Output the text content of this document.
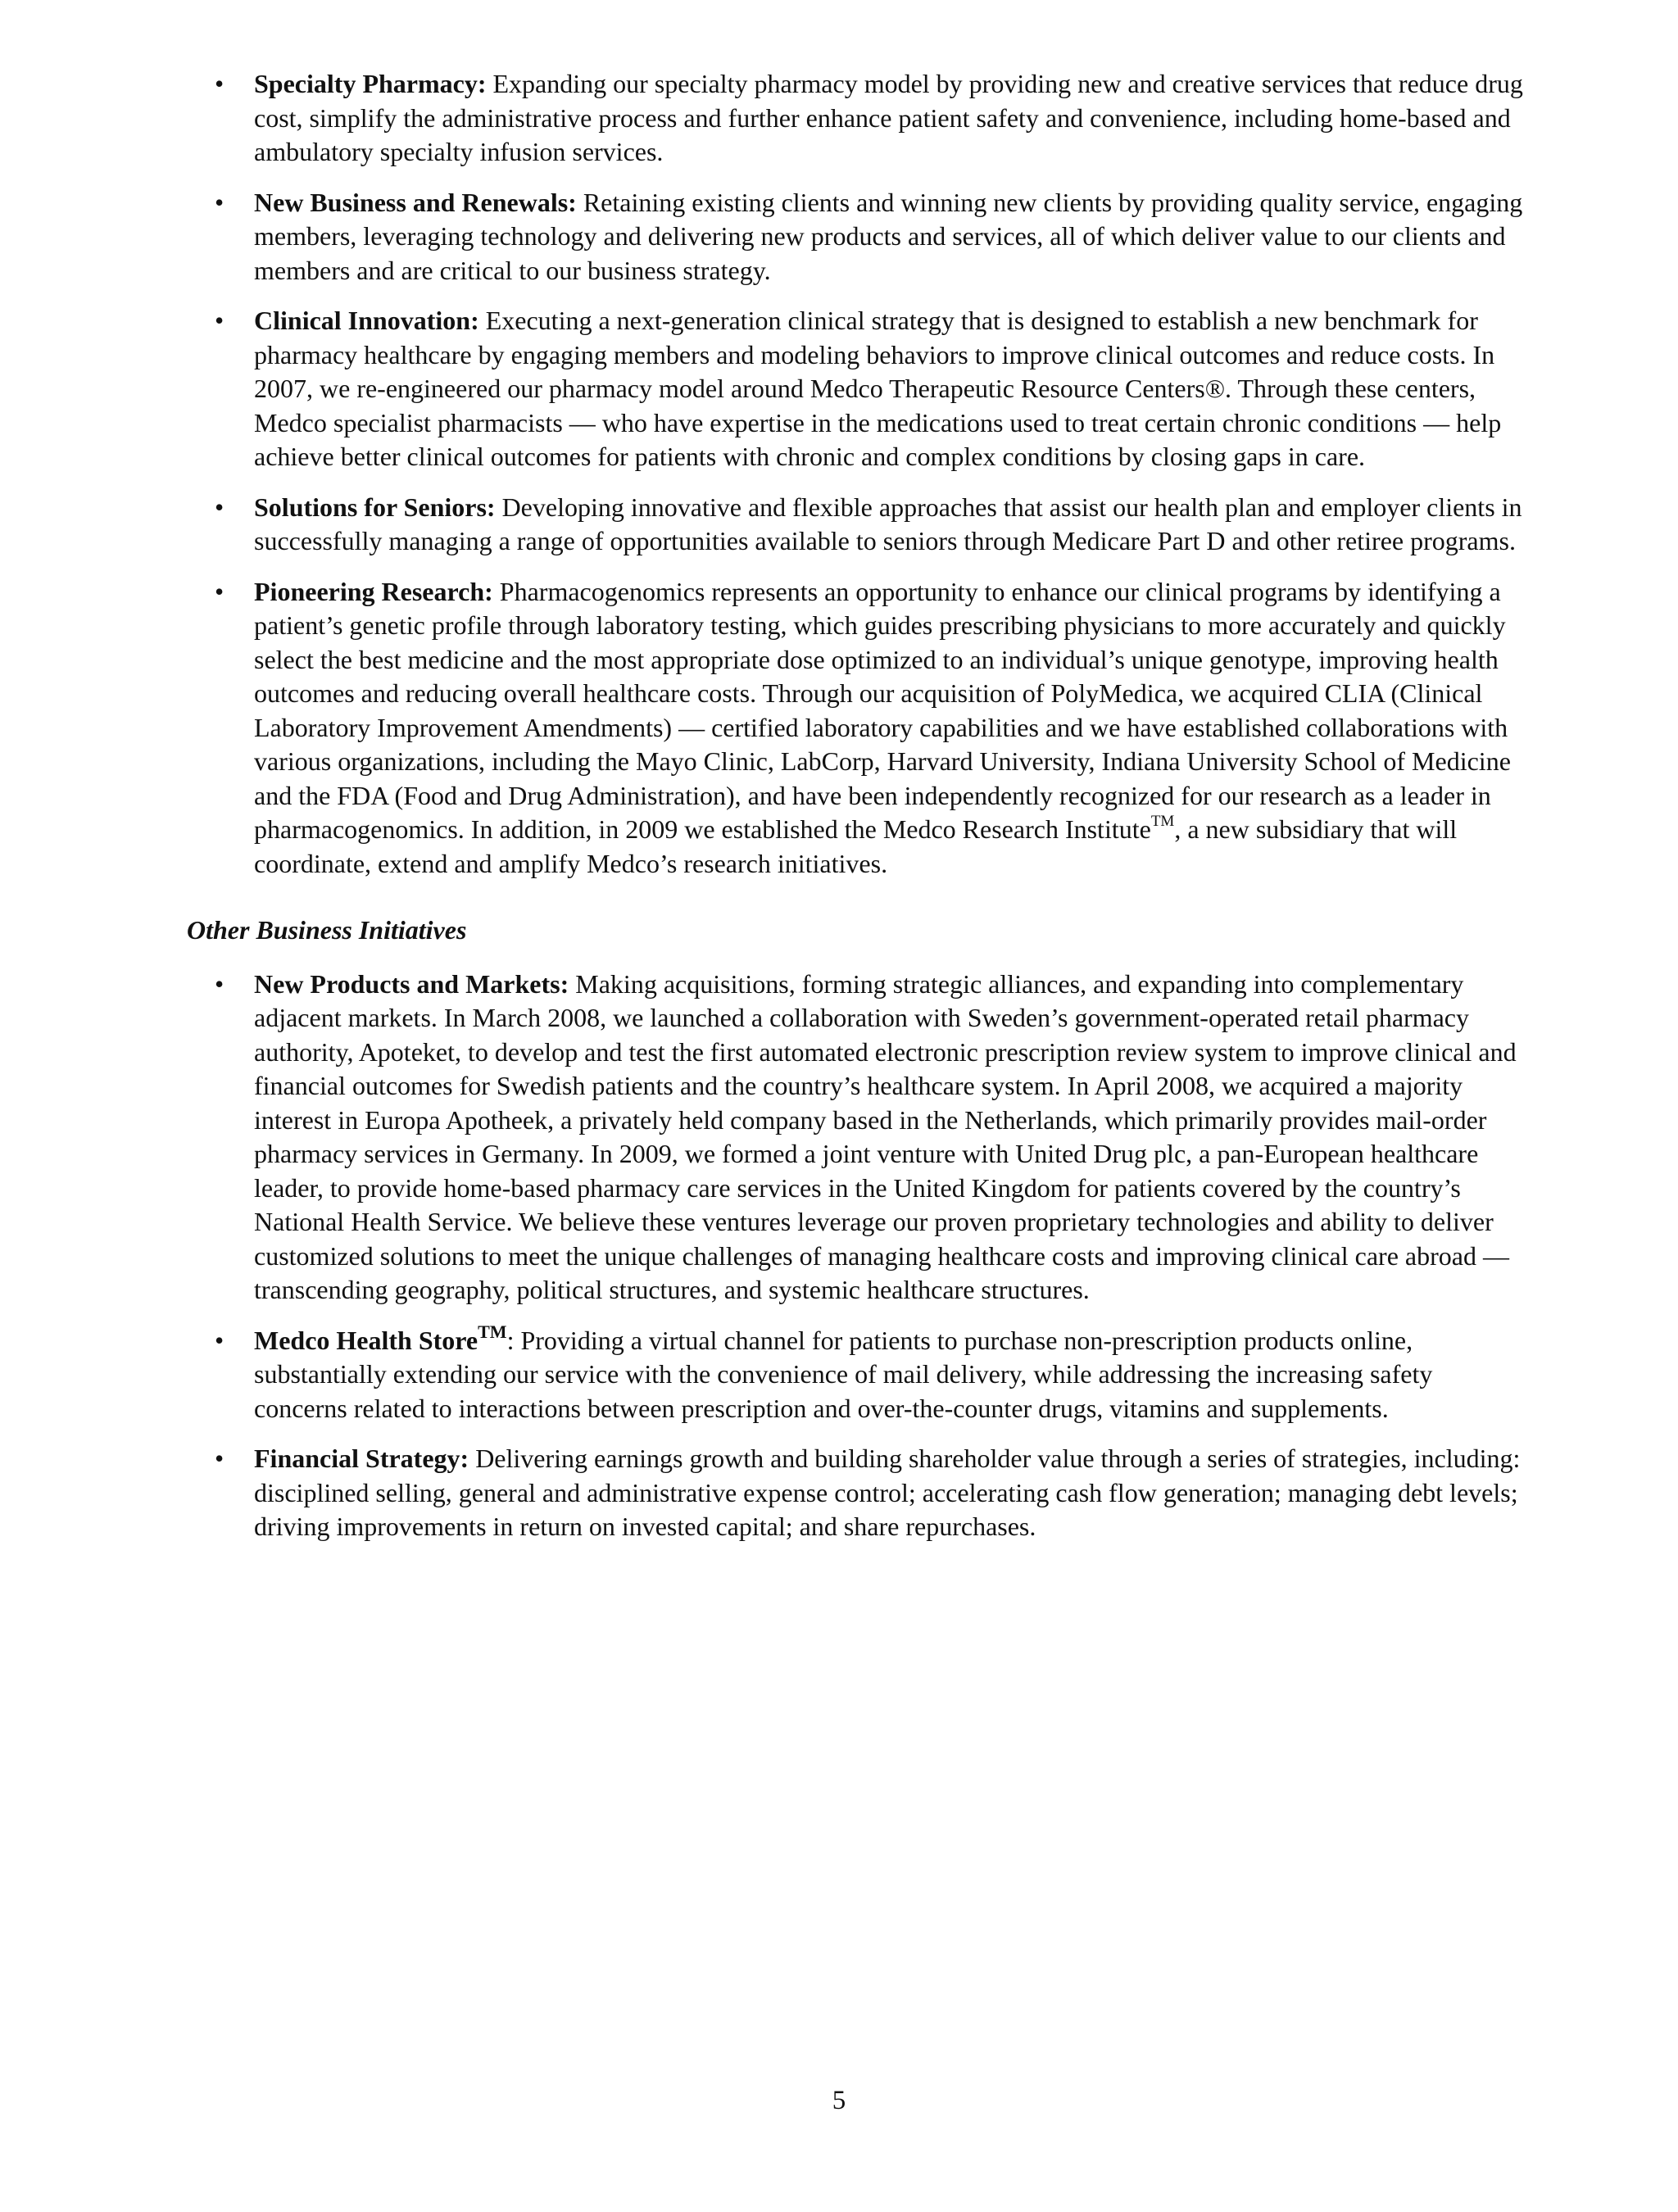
• Specialty Pharmacy: Expanding our specialty pharmacy model by providing new and creative services that reduce drug cost, simplify the administrative process and further enhance patient safety and convenience, including home-based and ambulatory specialty infusion services.
• New Business and Renewals: Retaining existing clients and winning new clients by providing quality service, engaging members, leveraging technology and delivering new products and services, all of which deliver value to our clients and members and are critical to our business strategy.
• Clinical Innovation: Executing a next-generation clinical strategy that is designed to establish a new benchmark for pharmacy healthcare by engaging members and modeling behaviors to improve clinical outcomes and reduce costs. In 2007, we re-engineered our pharmacy model around Medco Therapeutic Resource Centers®. Through these centers, Medco specialist pharmacists — who have expertise in the medications used to treat certain chronic conditions — help achieve better clinical outcomes for patients with chronic and complex conditions by closing gaps in care.
• Solutions for Seniors: Developing innovative and flexible approaches that assist our health plan and employer clients in successfully managing a range of opportunities available to seniors through Medicare Part D and other retiree programs.
• Pioneering Research: Pharmacogenomics represents an opportunity to enhance our clinical programs by identifying a patient’s genetic profile through laboratory testing, which guides prescribing physicians to more accurately and quickly select the best medicine and the most appropriate dose optimized to an individual’s unique genotype, improving health outcomes and reducing overall healthcare costs. Through our acquisition of PolyMedica, we acquired CLIA (Clinical Laboratory Improvement Amendments) — certified laboratory capabilities and we have established collaborations with various organizations, including the Mayo Clinic, LabCorp, Harvard University, Indiana University School of Medicine and the FDA (Food and Drug Administration), and have been independently recognized for our research as a leader in pharmacogenomics. In addition, in 2009 we established the Medco Research Institute™, a new subsidiary that will coordinate, extend and amplify Medco’s research initiatives.
Other Business Initiatives
• New Products and Markets: Making acquisitions, forming strategic alliances, and expanding into complementary adjacent markets. In March 2008, we launched a collaboration with Sweden’s government-operated retail pharmacy authority, Apoteket, to develop and test the first automated electronic prescription review system to improve clinical and financial outcomes for Swedish patients and the country’s healthcare system. In April 2008, we acquired a majority interest in Europa Apotheek, a privately held company based in the Netherlands, which primarily provides mail-order pharmacy services in Germany. In 2009, we formed a joint venture with United Drug plc, a pan-European healthcare leader, to provide home-based pharmacy care services in the United Kingdom for patients covered by the country’s National Health Service. We believe these ventures leverage our proven proprietary technologies and ability to deliver customized solutions to meet the unique challenges of managing healthcare costs and improving clinical care abroad — transcending geography, political structures, and systemic healthcare structures.
• Medco Health Store™: Providing a virtual channel for patients to purchase non-prescription products online, substantially extending our service with the convenience of mail delivery, while addressing the increasing safety concerns related to interactions between prescription and over-the-counter drugs, vitamins and supplements.
• Financial Strategy: Delivering earnings growth and building shareholder value through a series of strategies, including: disciplined selling, general and administrative expense control; accelerating cash flow generation; managing debt levels; driving improvements in return on invested capital; and share repurchases.
5
